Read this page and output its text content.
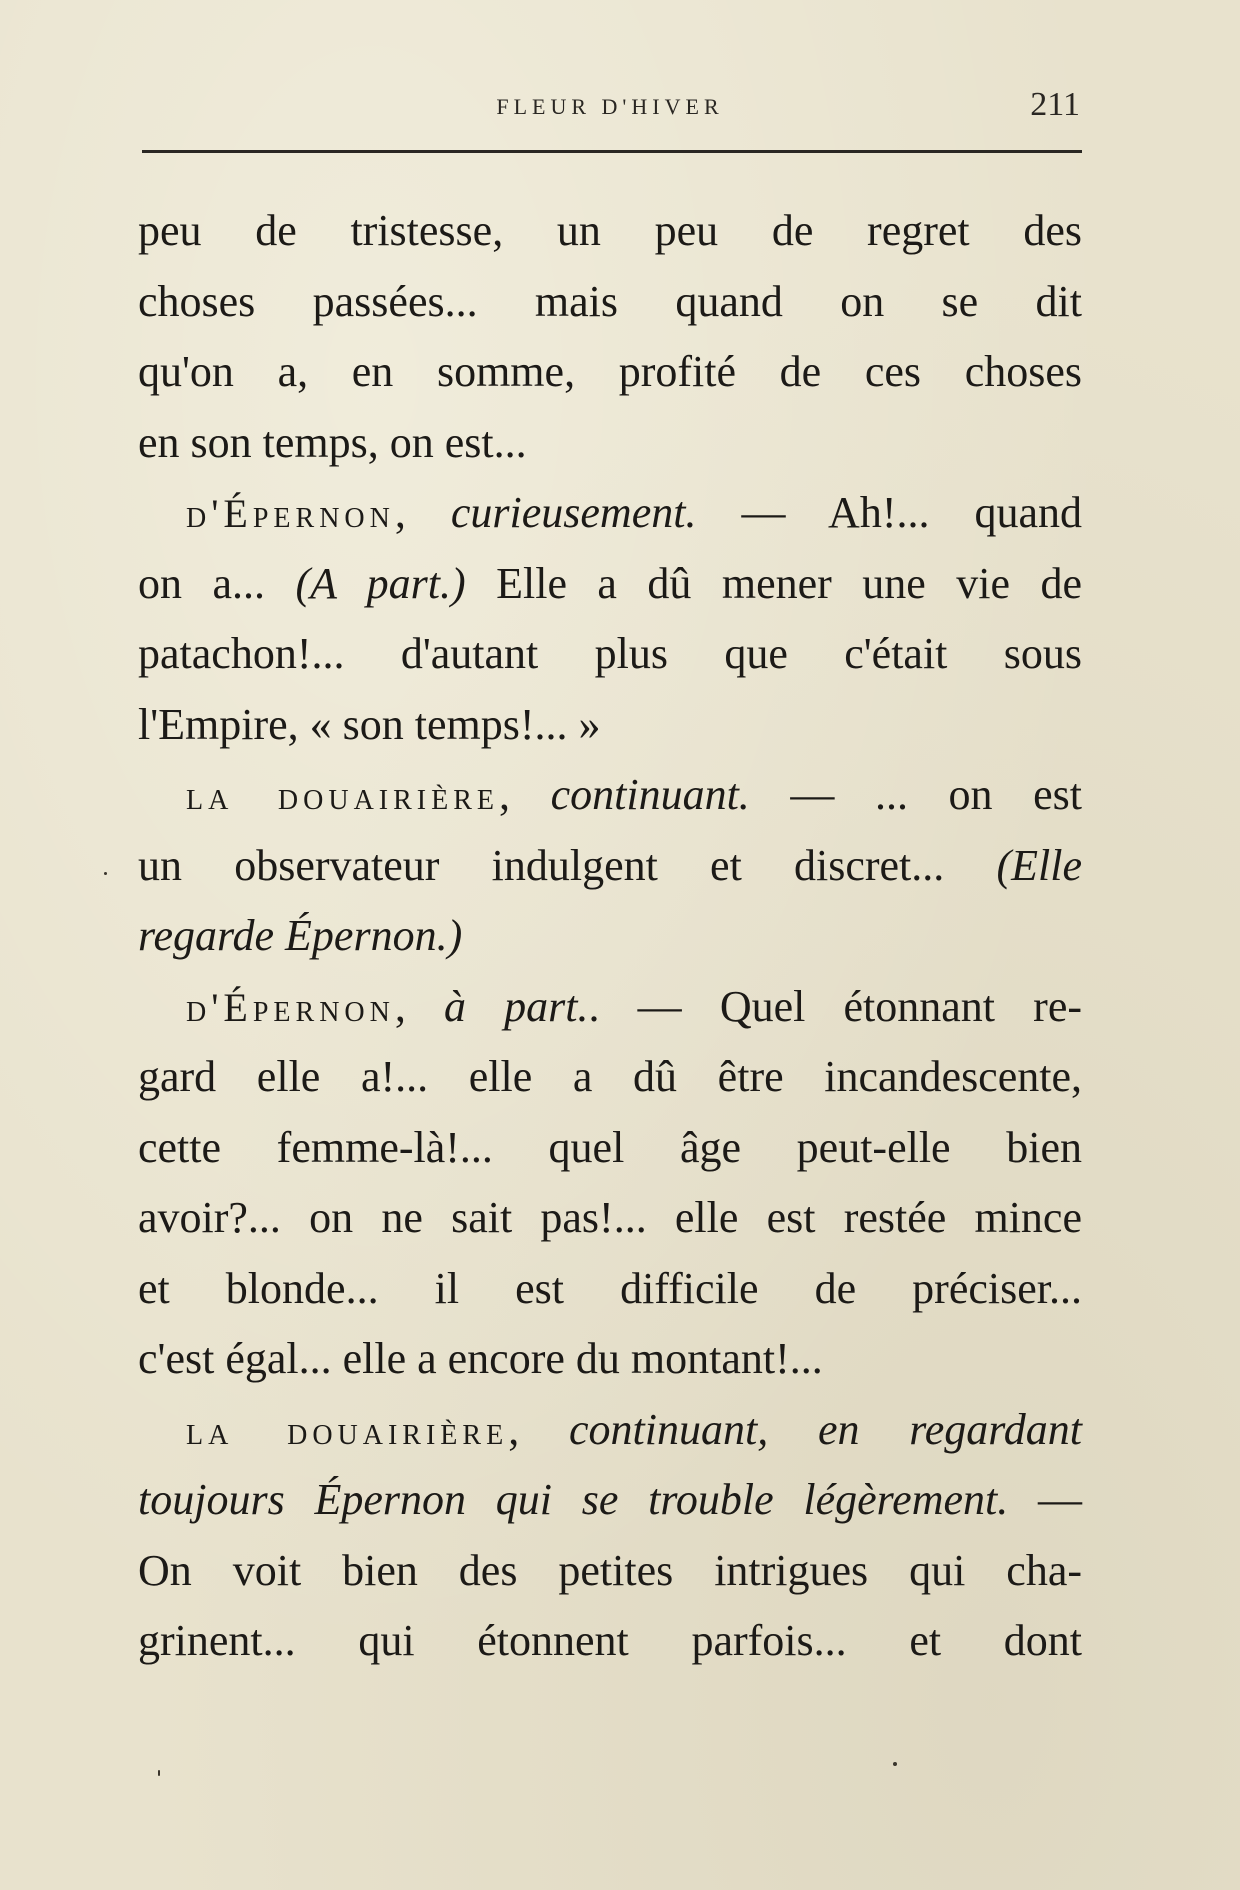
FLEUR D'HIVER	211
peu de tristesse, un peu de regret des
choses passées... mais quand on se dit
qu'on a, en somme, profité de ces choses
en son temps, on est...
d'Épernon, curieusement. — Ah!... quand
on a... (A part.) Elle a dû mener une vie de
patachon!... d'autant plus que c'était sous
l'Empire, « son temps!... »
la douairière, continuant. — ... on est
un observateur indulgent et discret... (Elle
regarde Épernon.)
d'Épernon, à part.. — Quel étonnant re-
gard elle a!... elle a dû être incandescente,
cette femme-là!... quel âge peut-elle bien
avoir?... on ne sait pas!... elle est restée mince
et blonde... il est difficile de préciser...
c'est égal... elle a encore du montant!...
la douairière, continuant, en regardant
toujours Épernon qui se trouble légèrement. —
On voit bien des petites intrigues qui cha-
grinent... qui étonnent parfois... et dont
